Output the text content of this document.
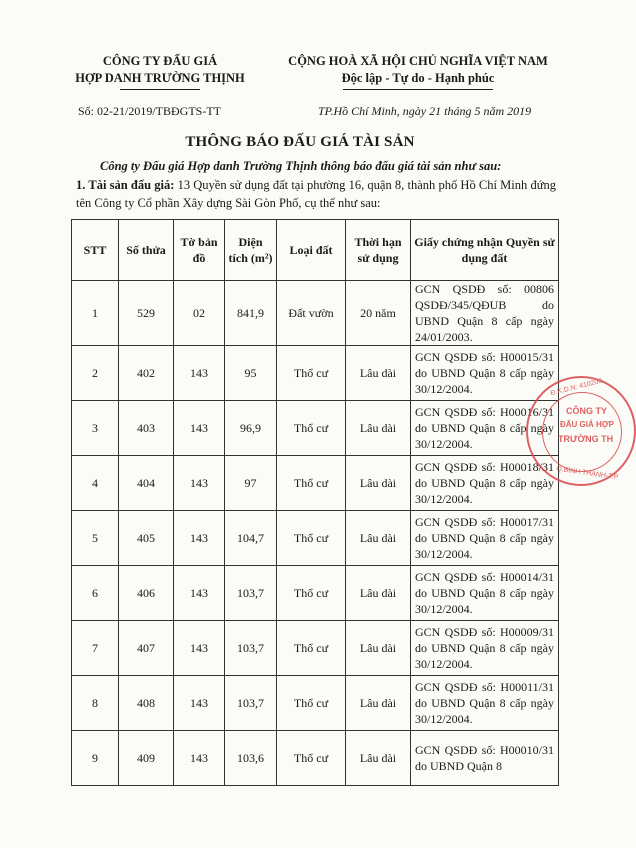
CÔNG TY ĐẤU GIÁ
HỢP DANH TRƯỜNG THỊNH
CỘNG HOÀ XÃ HỘI CHỦ NGHĨA VIỆT NAM
Độc lập - Tự do - Hạnh phúc
Số: 02-21/2019/TBĐGTS-TT	TP.Hồ Chí Minh, ngày 21 tháng 5 năm 2019
THÔNG BÁO ĐẤU GIÁ TÀI SẢN
Công ty Đấu giá Hợp danh Trường Thịnh thông báo đấu giá tài sản như sau:
1. Tài sản đấu giá: 13 Quyền sử dụng đất tại phường 16, quận 8, thành phố Hồ Chí Minh đứng tên Công ty Cổ phần Xây dựng Sài Gòn Phố, cụ thể như sau:
STT	Số thửa	Tờ bản đồ	Diện tích (m²)	Loại đất	Thời hạn sử dụng	Giấy chứng nhận Quyền sử dụng đất
1	529	02	841,9	Đất vườn	20 năm	GCN QSDĐ số: 00806 QSDĐ/345/QĐUB do UBND Quận 8 cấp ngày 24/01/2003.
2	402	143	95	Thổ cư	Lâu dài	GCN QSDĐ số: H00015/31 do UBND Quận 8 cấp ngày 30/12/2004.
3	403	143	96,9	Thổ cư	Lâu dài	GCN QSDĐ số: H00016/31 do UBND Quận 8 cấp ngày 30/12/2004.
4	404	143	97	Thổ cư	Lâu dài	GCN QSDĐ số: H00018/31 do UBND Quận 8 cấp ngày 30/12/2004.
5	405	143	104,7	Thổ cư	Lâu dài	GCN QSDĐ số: H00017/31 do UBND Quận 8 cấp ngày 30/12/2004.
6	406	143	103,7	Thổ cư	Lâu dài	GCN QSDĐ số: H00014/31 do UBND Quận 8 cấp ngày 30/12/2004.
7	407	143	103,7	Thổ cư	Lâu dài	GCN QSDĐ số: H00009/31 do UBND Quận 8 cấp ngày 30/12/2004.
8	408	143	103,7	Thổ cư	Lâu dài	GCN QSDĐ số: H00011/31 do UBND Quận 8 cấp ngày 30/12/2004.
9	409	143	103,6	Thổ cư	Lâu dài	GCN QSDĐ số: H00010/31 do UBND Quận 8
Đ.K.D.N: 410200
CÔNG TY
ĐẤU GIÁ HỢP
TRƯỜNG TH
Q.BÌNH THẠNH-T.P
